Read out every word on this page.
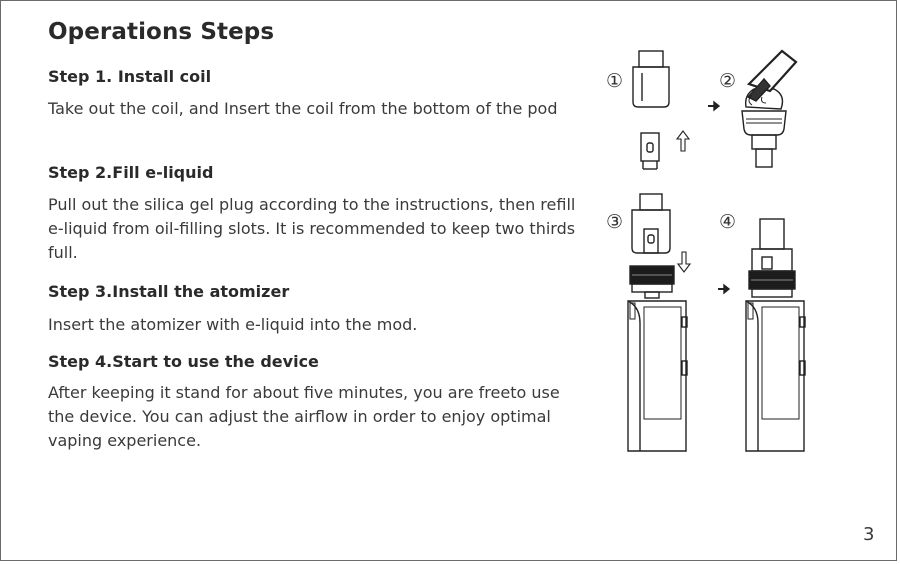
Operations Steps
Step 1. Install coil
Take out the coil, and Insert the coil from the bottom of the pod
Step 2.Fill e-liquid
Pull out the silica gel plug according to the instructions, then refill e-liquid from oil-filling slots. It is recommended to keep two thirds full.
Step 3.Install the atomizer
Insert the atomizer with e-liquid into the mod.
Step 4.Start to use the device
After keeping it stand for about five minutes, you are freeto use the device. You can adjust the airflow in order to enjoy optimal vaping experience.
①	②
③	④
3
